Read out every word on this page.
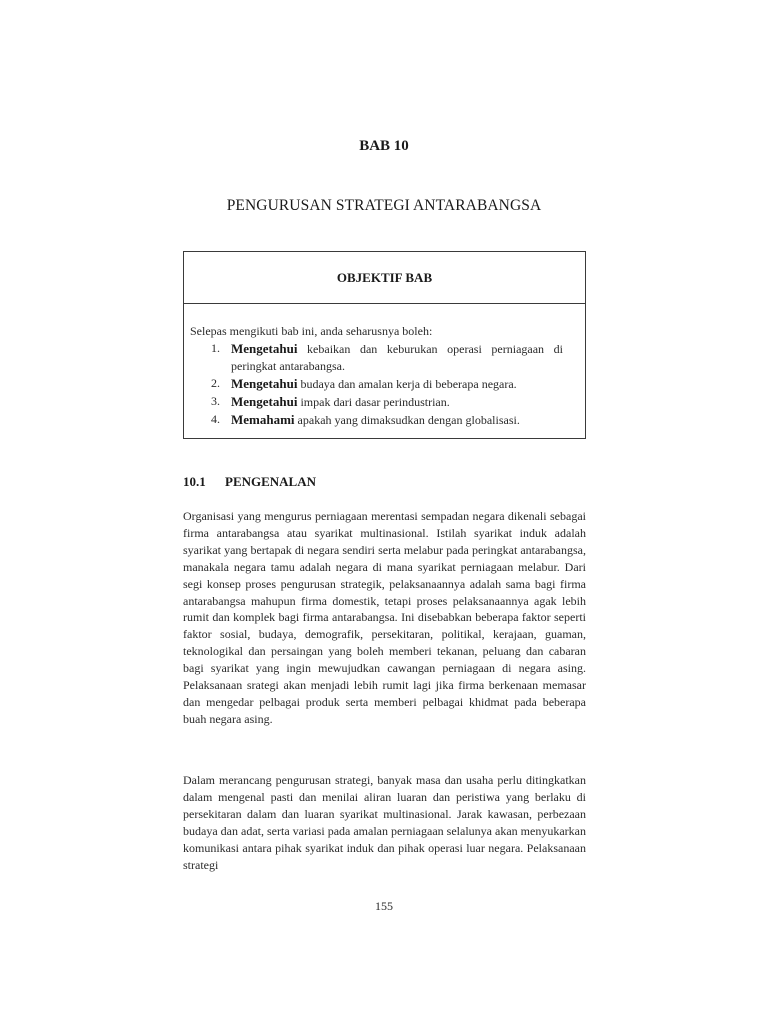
BAB 10
PENGURUSAN STRATEGI ANTARABANGSA
OBJEKTIF BAB

Selepas mengikuti bab ini, anda seharusnya boleh:

1. Mengetahui kebaikan dan keburukan operasi perniagaan di peringkat antarabangsa.
2. Mengetahui budaya dan amalan kerja di beberapa negara.
3. Mengetahui impak dari dasar perindustrian.
4. Memahami apakah yang dimaksudkan dengan globalisasi.
10.1 PENGENALAN

Organisasi yang mengurus perniagaan merentasi sempadan negara dikenali sebagai firma antarabangsa atau syarikat multinasional. Istilah syarikat induk adalah syarikat yang bertapak di negara sendiri serta melabur pada peringkat antarabangsa, manakala negara tamu adalah negara di mana syarikat perniagaan melabur. Dari segi konsep proses pengurusan strategik, pelaksanaannya adalah sama bagi firma antarabangsa mahupun firma domestik, tetapi proses pelaksanaannya agak lebih rumit dan komplek bagi firma antarabangsa. Ini disebabkan beberapa faktor seperti faktor sosial, budaya, demografik, persekitaran, politikal, kerajaan, guaman, teknologikal dan persaingan yang boleh memberi tekanan, peluang dan cabaran bagi syarikat yang ingin mewujudkan cawangan perniagaan di negara asing. Pelaksanaan srategi akan menjadi lebih rumit lagi jika firma berkenaan memasar dan mengedar pelbagai produk serta memberi pelbagai khidmat pada beberapa buah negara asing.

Dalam merancang pengurusan strategi, banyak masa dan usaha perlu ditingkatkan dalam mengenal pasti dan menilai aliran luaran dan peristiwa yang berlaku di persekitaran dalam dan luaran syarikat multinasional. Jarak kawasan, perbezaan budaya dan adat, serta variasi pada amalan perniagaan selalunya akan menyukarkan komunikasi antara pihak syarikat induk dan pihak operasi luar negara. Pelaksanaan strategi

155
